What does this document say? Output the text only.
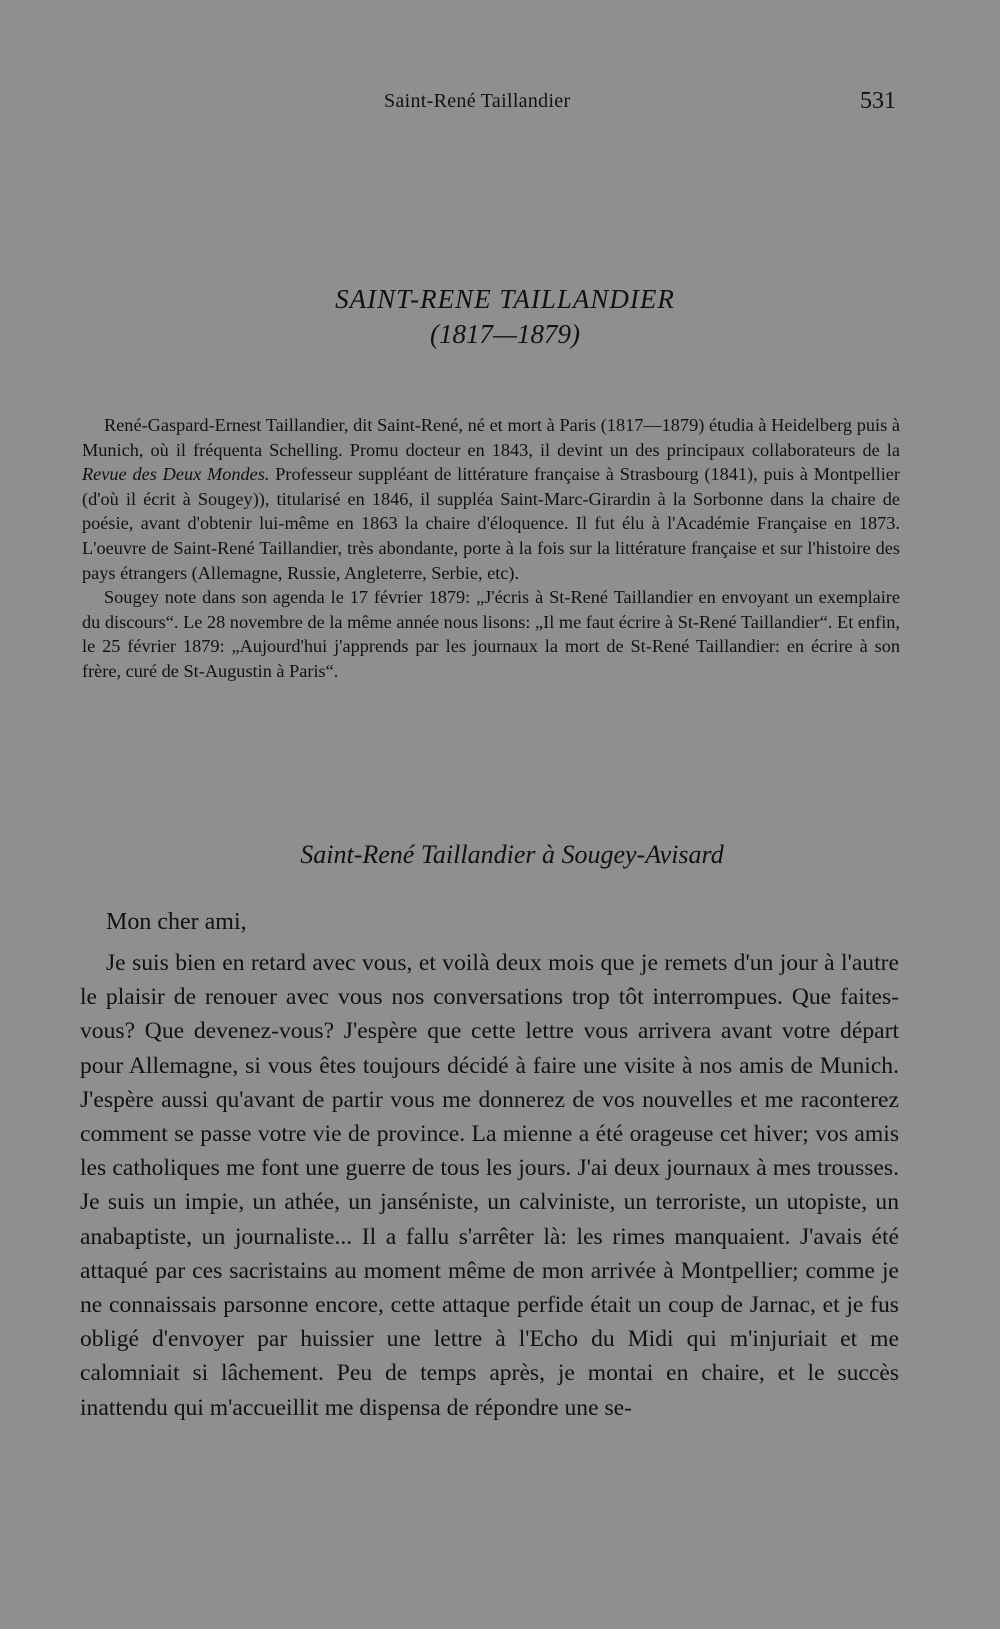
Saint-René Taillandier	531
SAINT-RENE TAILLANDIER
(1817—1879)

René-Gaspard-Ernest Taillandier, dit Saint-René, né et mort à Paris (1817—1879) étudia à Heidelberg puis à Munich, où il fréquenta Schelling. Promu docteur en 1843, il devint un des principaux collaborateurs de la Revue des Deux Mondes. Professeur suppléant de littérature française à Strasbourg (1841), puis à Montpellier (d'où il écrit à Sougey)), titularisé en 1846, il suppléa Saint-Marc-Girardin à la Sorbonne dans la chaire de poésie, avant d'obtenir lui-même en 1863 la chaire d'éloquence. Il fut élu à l'Académie Française en 1873. L'oeuvre de Saint-René Taillandier, très abondante, porte à la fois sur la littérature française et sur l'histoire des pays étrangers (Allemagne, Russie, Angleterre, Serbie, etc).

Sougey note dans son agenda le 17 février 1879: „J'écris à St-René Taillandier en envoyant un exemplaire du discours“. Le 28 novembre de la même année nous lisons: „Il me faut écrire à St-René Taillandier“. Et enfin, le 25 février 1879: „Aujourd'hui j'apprends par les journaux la mort de St-René Taillandier: en écrire à son frère, curé de St-Augustin à Paris“.

Saint-René Taillandier à Sougey-Avisard
Mon cher ami,

Je suis bien en retard avec vous, et voilà deux mois que je remets d'un jour à l'autre le plaisir de renouer avec vous nos conversations trop tôt interrompues. Que faites-vous? Que devenez-vous? J'espère que cette lettre vous arrivera avant votre départ pour Allemagne, si vous êtes toujours décidé à faire une visite à nos amis de Munich. J'espère aussi qu'avant de partir vous me donnerez de vos nouvelles et me raconterez comment se passe votre vie de province. La mienne a été orageuse cet hiver; vos amis les catholiques me font une guerre de tous les jours. J'ai deux journaux à mes trousses. Je suis un impie, un athée, un janséniste, un calviniste, un terroriste, un utopiste, un anabaptiste, un journaliste... Il a fallu s'arrêter là: les rimes manquaient. J'avais été attaqué par ces sacristains au moment même de mon arrivée à Montpellier; comme je ne connaissais parsonne encore, cette attaque perfide était un coup de Jarnac, et je fus obligé d'envoyer par huissier une lettre à l'Echo du Midi qui m'injuriait et me calomniait si lâchement. Peu de temps après, je montai en chaire, et le succès inattendu qui m'accueillit me dispensa de répondre une se-
